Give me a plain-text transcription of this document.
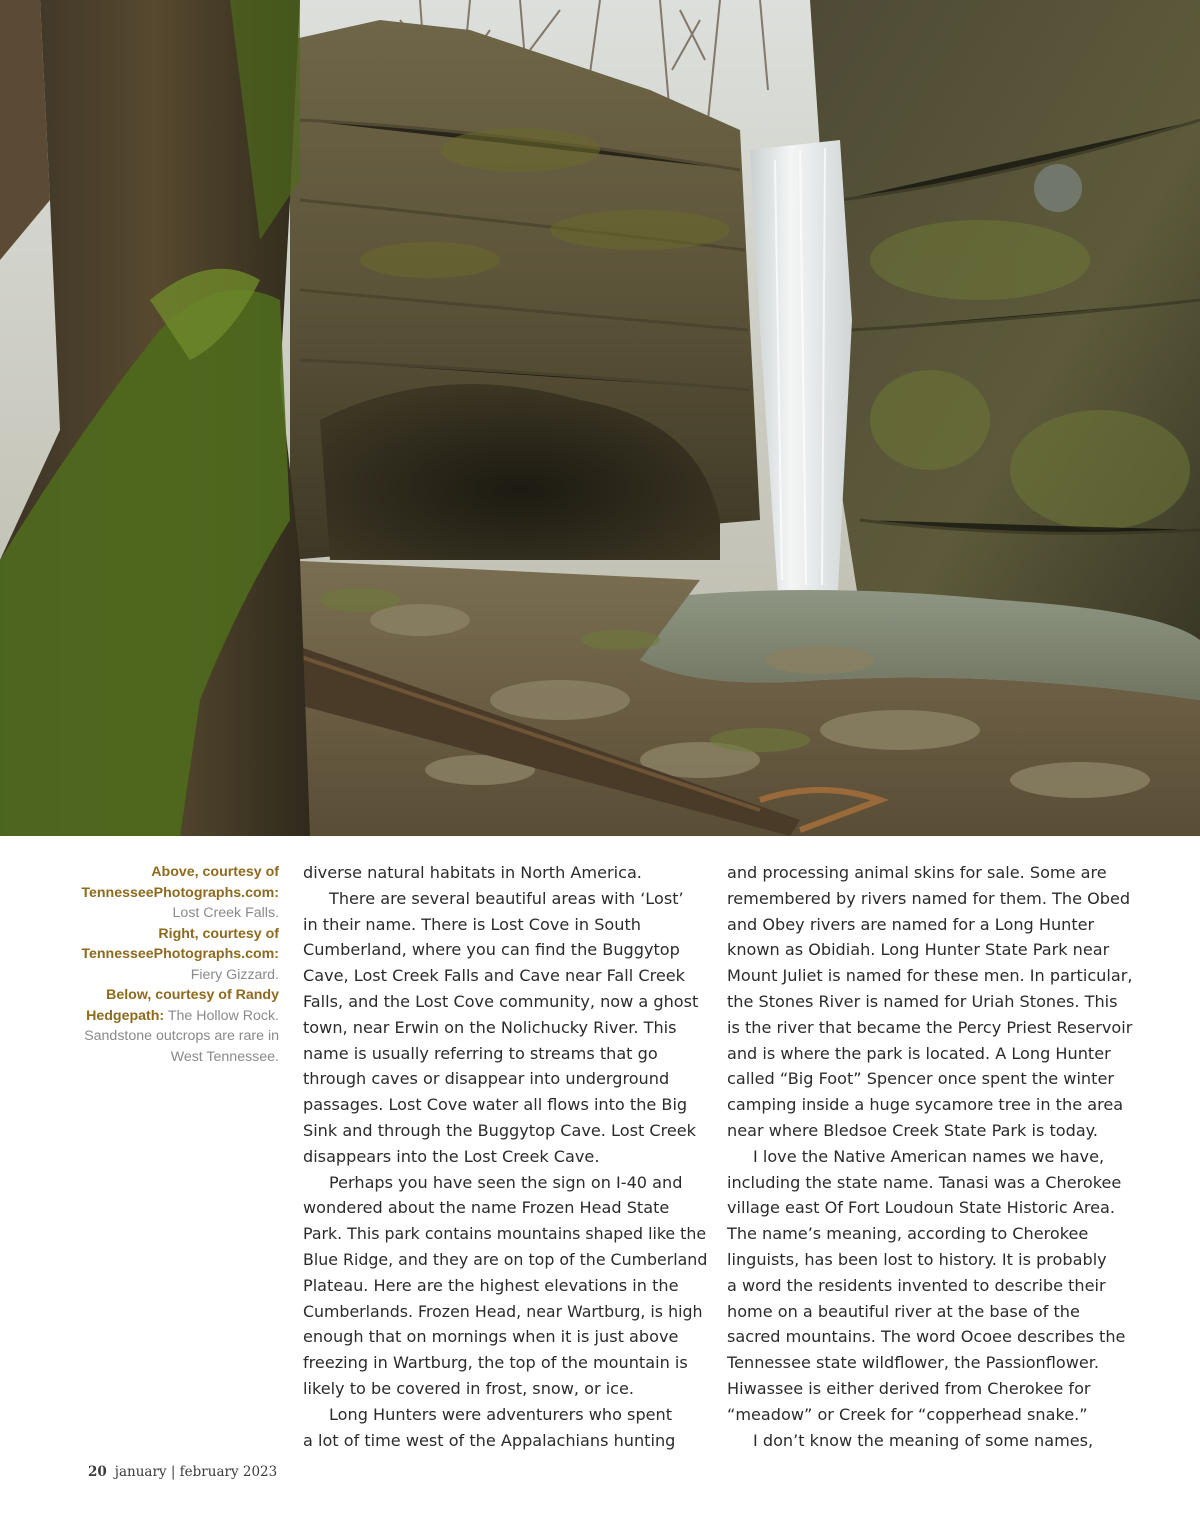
Above, courtesy of
TennesseePhotographs.com:
Lost Creek Falls.
Right, courtesy of
TennesseePhotographs.com:
Fiery Gizzard.
Below, courtesy of Randy
Hedgepath: The Hollow Rock.
Sandstone outcrops are rare in
West Tennessee.
diverse natural habitats in North America.
There are several beautiful areas with ‘Lost’
in their name. There is Lost Cove in South
Cumberland, where you can find the Buggytop
Cave, Lost Creek Falls and Cave near Fall Creek
Falls, and the Lost Cove community, now a ghost
town, near Erwin on the Nolichucky River. This
name is usually referring to streams that go
through caves or disappear into underground
passages. Lost Cove water all flows into the Big
Sink and through the Buggytop Cave. Lost Creek
disappears into the Lost Creek Cave.
Perhaps you have seen the sign on I-40 and
wondered about the name Frozen Head State
Park. This park contains mountains shaped like the
Blue Ridge, and they are on top of the Cumberland
Plateau. Here are the highest elevations in the
Cumberlands. Frozen Head, near Wartburg, is high
enough that on mornings when it is just above
freezing in Wartburg, the top of the mountain is
likely to be covered in frost, snow, or ice.
Long Hunters were adventurers who spent
a lot of time west of the Appalachians hunting
and processing animal skins for sale. Some are
remembered by rivers named for them. The Obed
and Obey rivers are named for a Long Hunter
known as Obidiah. Long Hunter State Park near
Mount Juliet is named for these men. In particular,
the Stones River is named for Uriah Stones. This
is the river that became the Percy Priest Reservoir
and is where the park is located. A Long Hunter
called “Big Foot” Spencer once spent the winter
camping inside a huge sycamore tree in the area
near where Bledsoe Creek State Park is today.
I love the Native American names we have,
including the state name. Tanasi was a Cherokee
village east Of Fort Loudoun State Historic Area.
The name’s meaning, according to Cherokee
linguists, has been lost to history. It is probably
a word the residents invented to describe their
home on a beautiful river at the base of the
sacred mountains. The word Ocoee describes the
Tennessee state wildflower, the Passionflower.
Hiwassee is either derived from Cherokee for
“meadow” or Creek for “copperhead snake.”
I don’t know the meaning of some names,
20 january | february 2023
